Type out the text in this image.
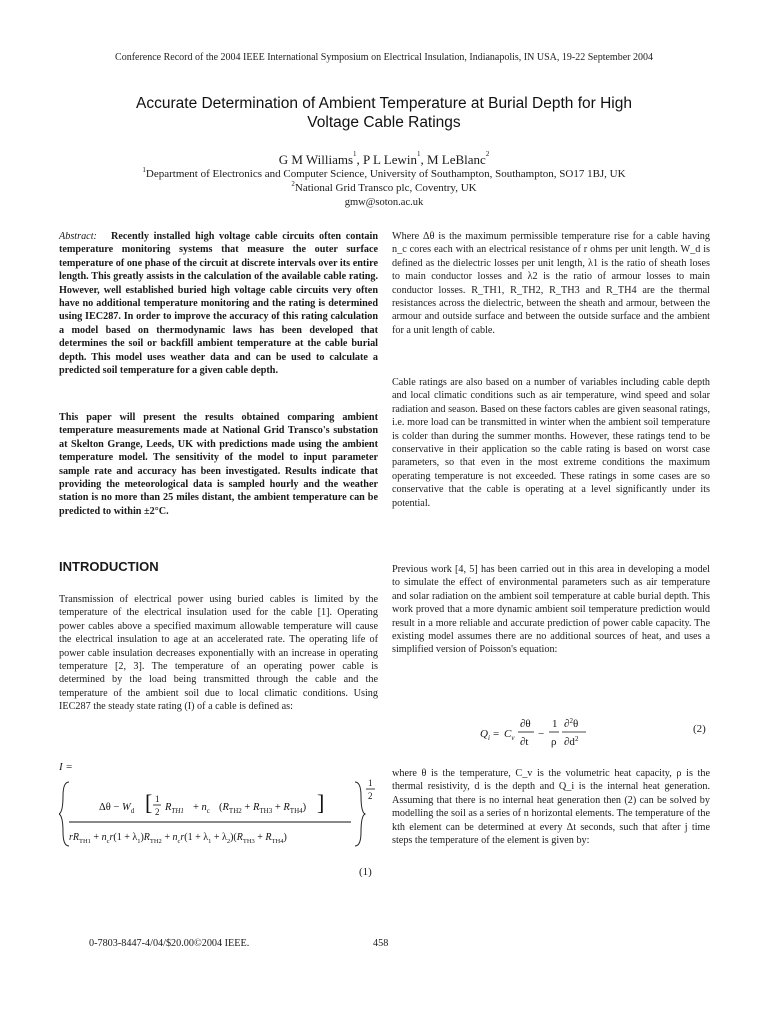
Conference Record of the 2004 IEEE International Symposium on Electrical Insulation, Indianapolis, IN USA, 19-22 September 2004
Accurate Determination of Ambient Temperature at Burial Depth for High
Voltage Cable Ratings
G M Williams$^1$, P L Lewin$^1$, M LeBlanc$^2$
$^1$Department of Electronics and Computer Science, University of Southampton, Southampton, SO17 1BJ, UK
$^2$National Grid Transco plc, Coventry, UK
gmw@soton.ac.uk

Abstract: Recently installed high voltage cable circuits often contain temperature monitoring systems that measure the outer surface temperature of one phase of the circuit at discrete intervals over its entire length. This greatly assists in the calculation of the available cable rating. However, well established buried high voltage cable circuits very often have no additional temperature monitoring and the rating is determined using IEC287. In order to improve the accuracy of this rating calculation a model based on thermodynamic laws has been developed that determines the soil or backfill ambient temperature at the cable burial depth. This model uses weather data and can be used to calculate a predicted soil temperature for a given cable depth.

This paper will present the results obtained comparing ambient temperature measurements made at National Grid Transco's substation at Skelton Grange, Leeds, UK with predictions made using the ambient temperature model. The sensitivity of the model to input parameter sample rate and accuracy has been investigated. Results indicate that providing the meteorological data is sampled hourly and the weather station is no more than 25 miles distant, the ambient temperature can be predicted to within ±2°C.
INTRODUCTION
Transmission of electrical power using buried cables is limited by the temperature of the electrical insulation used for the cable [1]. Operating power cables above a specified maximum allowable temperature will cause the electrical insulation to age at an accelerated rate. The operating life of power cable insulation decreases exponentially with an increase in operating temperature [2, 3]. The temperature of an operating power cable is determined by the load being transmitted through the cable and the temperature of the ambient soil due to local climatic conditions. Using IEC287 the steady state rating (I) of a cable is defined as:
I =
$\Delta\theta - W_d$ [ 1
2 $R_{TH1} + n_c$ $(R_{TH2} + R_{TH3} + R_{TH4})$ ]
$rR_{TH1} + n_cr(1 + \lambda_1)R_{TH2} + n_cr(1 + \lambda_1 + \lambda_2)(R_{TH3} + R_{TH4})$
1
2
(1)
Where Δθ is the maximum permissible temperature rise for a cable having n_c cores each with an electrical resistance of r ohms per unit length. W_d is defined as the dielectric losses per unit length, λ1 is the ratio of sheath loses to main conductor losses and λ2 is the ratio of armour losses to main conductor losses. R_TH1, R_TH2, R_TH3 and R_TH4 are the thermal resistances across the dielectric, between the sheath and armour, between the armour and outside surface and between the outside surface and the ambient for a unit length of cable.
Cable ratings are also based on a number of variables including cable depth and local climatic conditions such as air temperature, wind speed and solar radiation and season. Based on these factors cables are given seasonal ratings, i.e. more load can be transmitted in winter when the ambient soil temperature is colder than during the summer months. However, these ratings tend to be conservative in their application so the cable rating is based on worst case parameters, so that even in the most extreme conditions the maximum operating temperature is not exceeded. These ratings in some cases are so conservative that the cable is operating at a level significantly under its potential.
Previous work [4, 5] has been carried out in this area in developing a model to simulate the effect of environmental parameters such as air temperature and solar radiation on the ambient soil temperature at cable burial depth. This work proved that a more dynamic ambient soil temperature prediction would result in a more reliable and accurate prediction of power cable capacity. The existing model assumes there are no additional sources of heat, and uses a simplified version of Poisson's equation:
$Q_i = C_v$
∂θ
∂t
−
1
ρ
∂$^2$θ
$\partial d^2$
(2)
where θ is the temperature, C_v is the volumetric heat capacity, ρ is the thermal resistivity, d is the depth and Q_i is the internal heat generation. Assuming that there is no internal heat generation then (2) can be solved by modelling the soil as a series of n horizontal elements. The temperature of the kth element can be determined at every Δt seconds, such that after j time steps the temperature of the element is given by:
0-7803-8447-4/04/$20.00©2004 IEEE.	458
